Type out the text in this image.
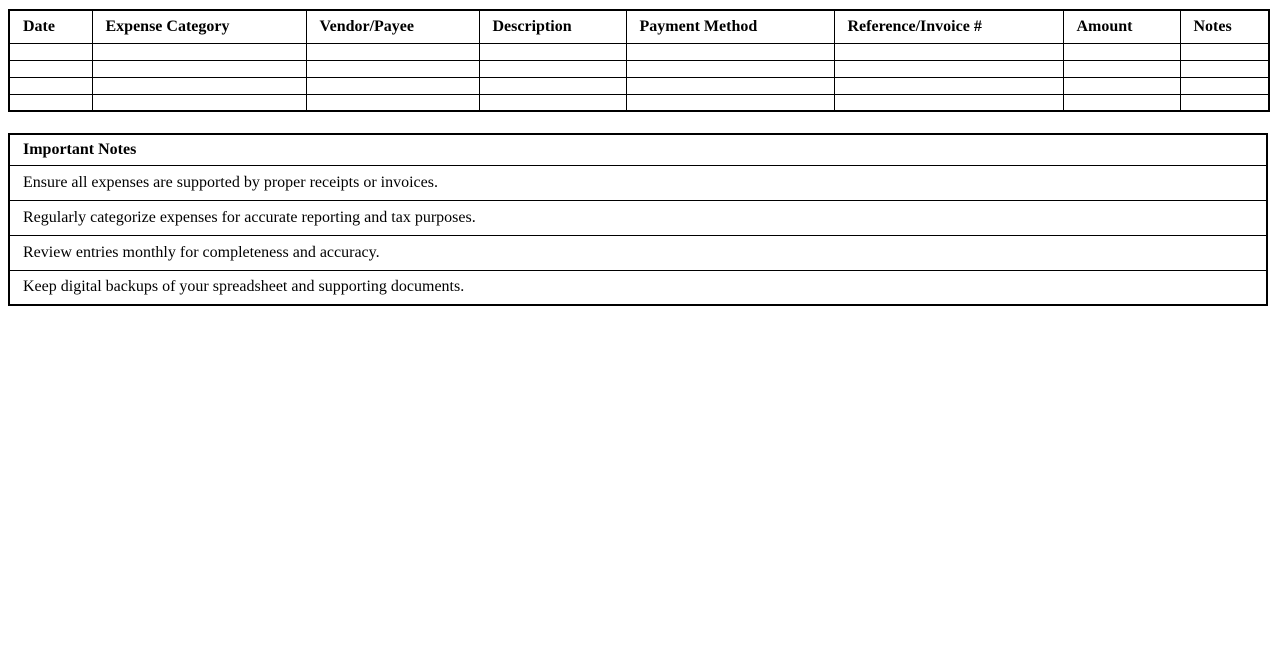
Date	Expense Category	Vendor/Payee	Description	Payment Method	Reference/Invoice #	Amount	Notes

Important Notes
Ensure all expenses are supported by proper receipts or invoices.
Regularly categorize expenses for accurate reporting and tax purposes.
Review entries monthly for completeness and accuracy.
Keep digital backups of your spreadsheet and supporting documents.
